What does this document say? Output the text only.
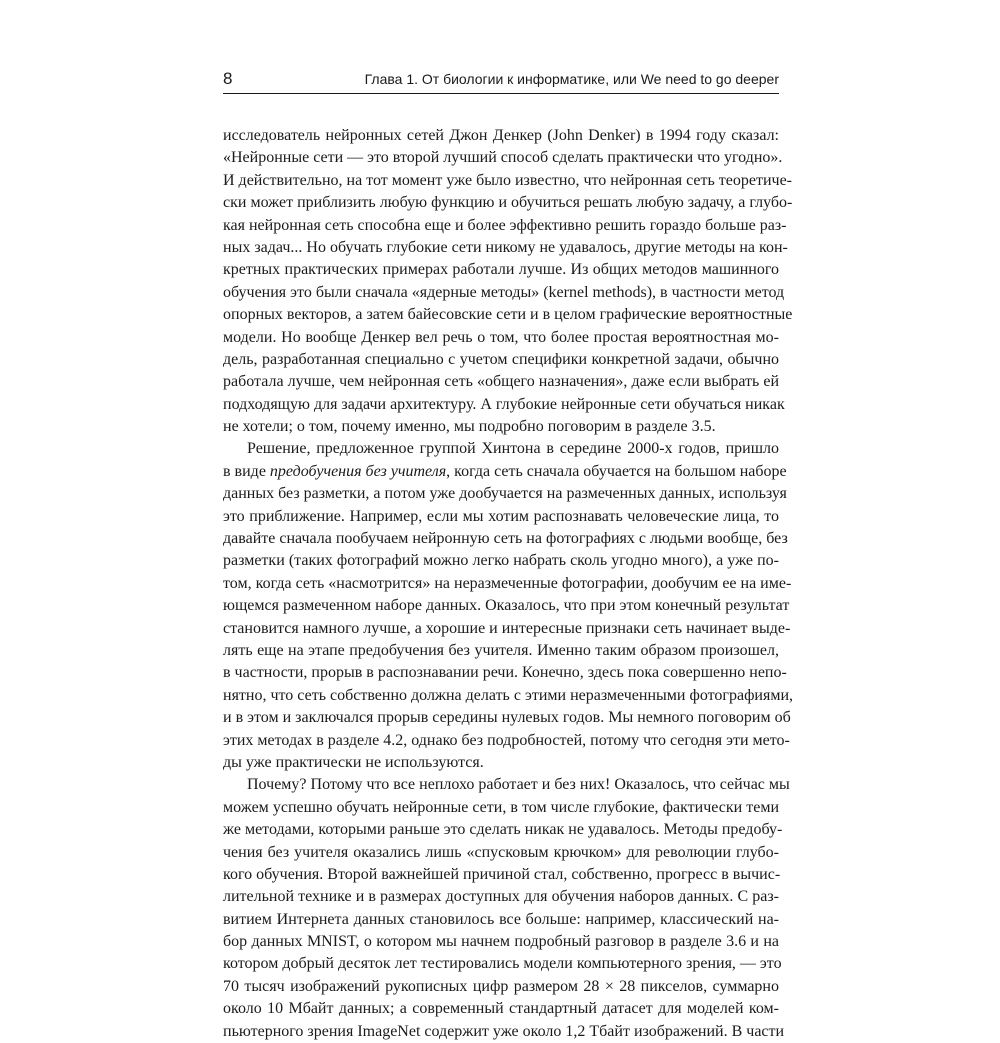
8	Глава 1. От биологии к информатике, или We need to go deeper
исследователь нейронных сетей Джон Денкер (John Denker) в 1994 году сказал:
«Нейронные сети — это второй лучший способ сделать практически что угодно».
И действительно, на тот момент уже было известно, что нейронная сеть теоретиче-
ски может приблизить любую функцию и обучиться решать любую задачу, а глубо-
кая нейронная сеть способна еще и более эффективно решить гораздо больше раз-
ных задач... Но обучать глубокие сети никому не удавалось, другие методы на кон-
кретных практических примерах работали лучше. Из общих методов машинного
обучения это были сначала «ядерные методы» (kernel methods), в частности метод
опорных векторов, а затем байесовские сети и в целом графические вероятностные
модели. Но вообще Денкер вел речь о том, что более простая вероятностная мо-
дель, разработанная специально с учетом специфики конкретной задачи, обычно
работала лучше, чем нейронная сеть «общего назначения», даже если выбрать ей
подходящую для задачи архитектуру. А глубокие нейронные сети обучаться никак
не хотели; о том, почему именно, мы подробно поговорим в разделе 3.5.
Решение, предложенное группой Хинтона в середине 2000-х годов, пришло
в виде предобучения без учителя, когда сеть сначала обучается на большом наборе
данных без разметки, а потом уже дообучается на размеченных данных, используя
это приближение. Например, если мы хотим распознавать человеческие лица, то
давайте сначала пообучаем нейронную сеть на фотографиях с людьми вообще, без
разметки (таких фотографий можно легко набрать сколь угодно много), а уже по-
том, когда сеть «насмотрится» на неразмеченные фотографии, дообучим ее на име-
ющемся размеченном наборе данных. Оказалось, что при этом конечный результат
становится намного лучше, а хорошие и интересные признаки сеть начинает выде-
лять еще на этапе предобучения без учителя. Именно таким образом произошел,
в частности, прорыв в распознавании речи. Конечно, здесь пока совершенно непо-
нятно, что сеть собственно должна делать с этими неразмеченными фотографиями,
и в этом и заключался прорыв середины нулевых годов. Мы немного поговорим об
этих методах в разделе 4.2, однако без подробностей, потому что сегодня эти мето-
ды уже практически не используются.
Почему? Потому что все неплохо работает и без них! Оказалось, что сейчас мы
можем успешно обучать нейронные сети, в том числе глубокие, фактически теми
же методами, которыми раньше это сделать никак не удавалось. Методы предобу-
чения без учителя оказались лишь «спусковым крючком» для революции глубо-
кого обучения. Второй важнейшей причиной стал, собственно, прогресс в вычис-
лительной технике и в размерах доступных для обучения наборов данных. С раз-
витием Интернета данных становилось все больше: например, классический на-
бор данных MNIST, о котором мы начнем подробный разговор в разделе 3.6 и на
котором добрый десяток лет тестировались модели компьютерного зрения, — это
70 тысяч изображений рукописных цифр размером 28 × 28 пикселов, суммарно
около 10 Мбайт данных; а современный стандартный датасет для моделей ком-
пьютерного зрения ImageNet содержит уже около 1,2 Тбайт изображений. В части
